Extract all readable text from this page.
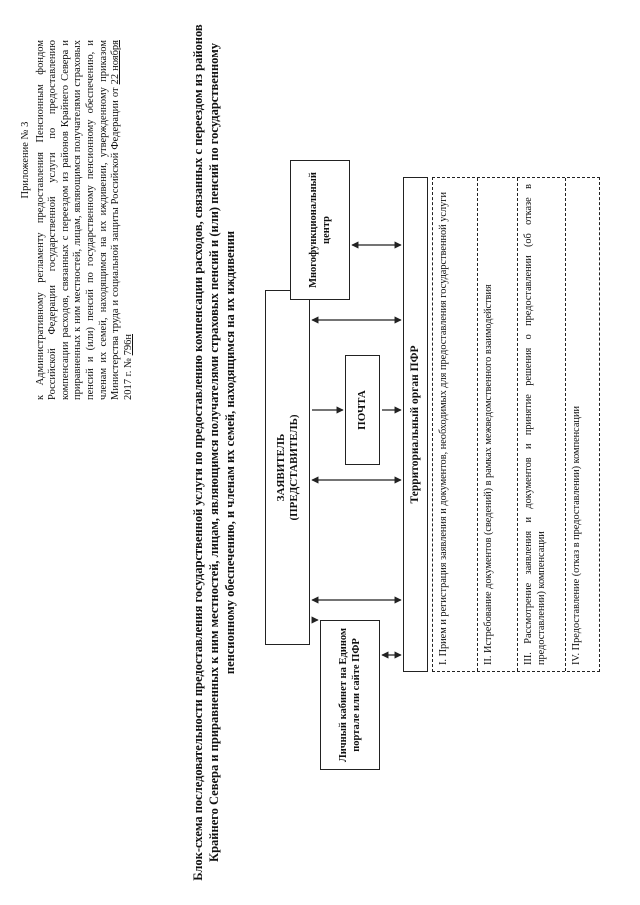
Приложение № 3 к Административному регламенту предоставления Пенсионным фондом Российской Федерации государственной услуги по предоставлению компенсации расходов, связанных с переездом из районов Крайнего Севера и приравненных к ним местностей, лицам, являющимся получателями страховых пенсий и (или) пенсий по государственному пенсионному обеспечению, и членам их семей, находящимся на их иждивении, утвержденному приказом Министерства труда и социальной защиты Российской Федерации от 22 ноября 2017 г. № 796н	Блок-схема последовательности предоставления государственной услуги по предоставлению компенсации расходов, связанных с переездом из районов Крайнего Севера и приравненных к ним местностей, лицам, являющимся получателями страховых пенсий и (или) пенсий по государственному пенсионному обеспечению, и членам их семей, находящимся на их иждивении	ЗАЯВИТЕЛЬ
(ПРЕДСТАВИТЕЛЬ)
Личный кабинет на Едином портале или сайте ПФР
ПОЧТА
Многофункциональный центр
Территориальный орган ПФР	I. Прием и регистрация заявления и документов, необходимых для предоставления государственной услуги	II. Истребование документов (сведений) в рамках межведомственного взаимодействия	III. Рассмотрение заявления и документов и принятие решения о предоставлении (об отказе в предоставлении) компенсации	IV. Предоставление (отказ в предоставлении) компенсации
